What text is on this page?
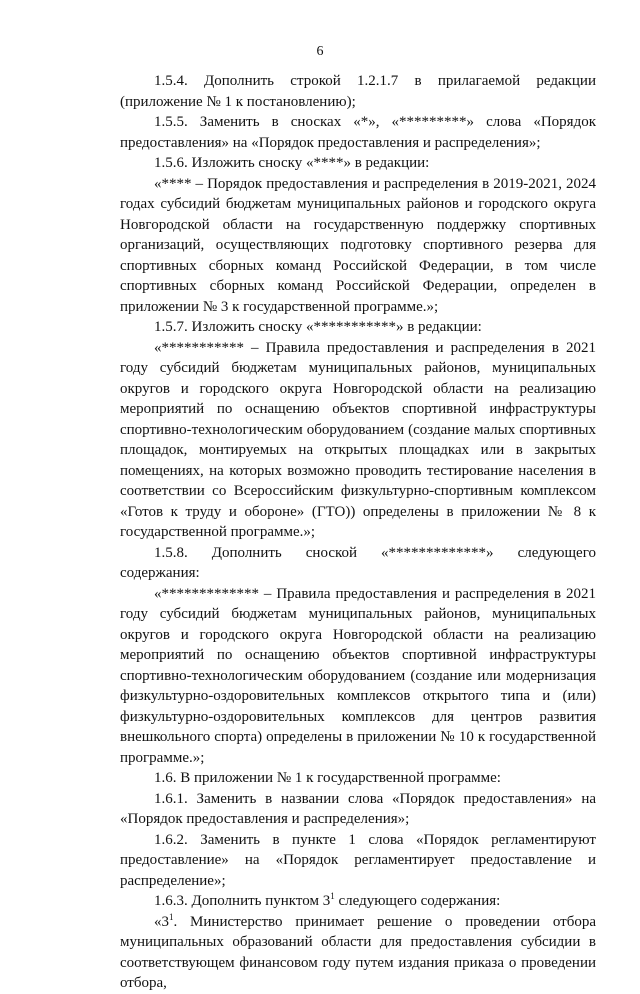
6

1.5.4. Дополнить строкой 1.2.1.7 в прилагаемой редакции (приложение № 1 к постановлению);

1.5.5. Заменить в сносках «*», «*********» слова «Порядок предоставления» на «Порядок предоставления и распределения»;

1.5.6. Изложить сноску «****» в редакции:

«**** – Порядок предоставления и распределения в 2019-2021, 2024 годах субсидий бюджетам муниципальных районов и городского округа Новгородской области на государственную поддержку спортивных организаций, осуществляющих подготовку спортивного резерва для спортивных сборных команд Российской Федерации, в том числе спортивных сборных команд Российской Федерации, определен в приложении № 3 к государственной программе.»;

1.5.7. Изложить сноску «***********» в редакции:

«*********** – Правила предоставления и распределения в 2021 году субсидий бюджетам муниципальных районов, муниципальных округов и городского округа Новгородской области на реализацию мероприятий по оснащению объектов спортивной инфраструктуры спортивно-технологическим оборудованием (создание малых спортивных площадок, монтируемых на открытых площадках или в закрытых помещениях, на которых возможно проводить тестирование населения в соответствии со Всероссийским физкультурно-спортивным комплексом «Готов к труду и обороне» (ГТО)) определены в приложении № 8 к государственной программе.»;

1.5.8. Дополнить сноской «*************» следующего содержания:

«************* – Правила предоставления и распределения в 2021 году субсидий бюджетам муниципальных районов, муниципальных округов и городского округа Новгородской области на реализацию мероприятий по оснащению объектов спортивной инфраструктуры спортивно-технологическим оборудованием (создание или модернизация физкультурно-оздоровительных комплексов открытого типа и (или) физкультурно-оздоровительных комплексов для центров развития внешкольного спорта) определены в приложении № 10 к государственной программе.»;

1.6. В приложении № 1 к государственной программе:

1.6.1. Заменить в названии слова «Порядок предоставления» на «Порядок предоставления и распределения»;

1.6.2. Заменить в пункте 1 слова «Порядок регламентируют предоставление» на «Порядок регламентирует предоставление и распределение»;

1.6.3. Дополнить пунктом $3^1$ следующего содержания:

«$3^1$. Министерство принимает решение о проведении отбора муниципальных образований области для предоставления субсидии в соответствующем финансовом году путем издания приказа о проведении отбора,
